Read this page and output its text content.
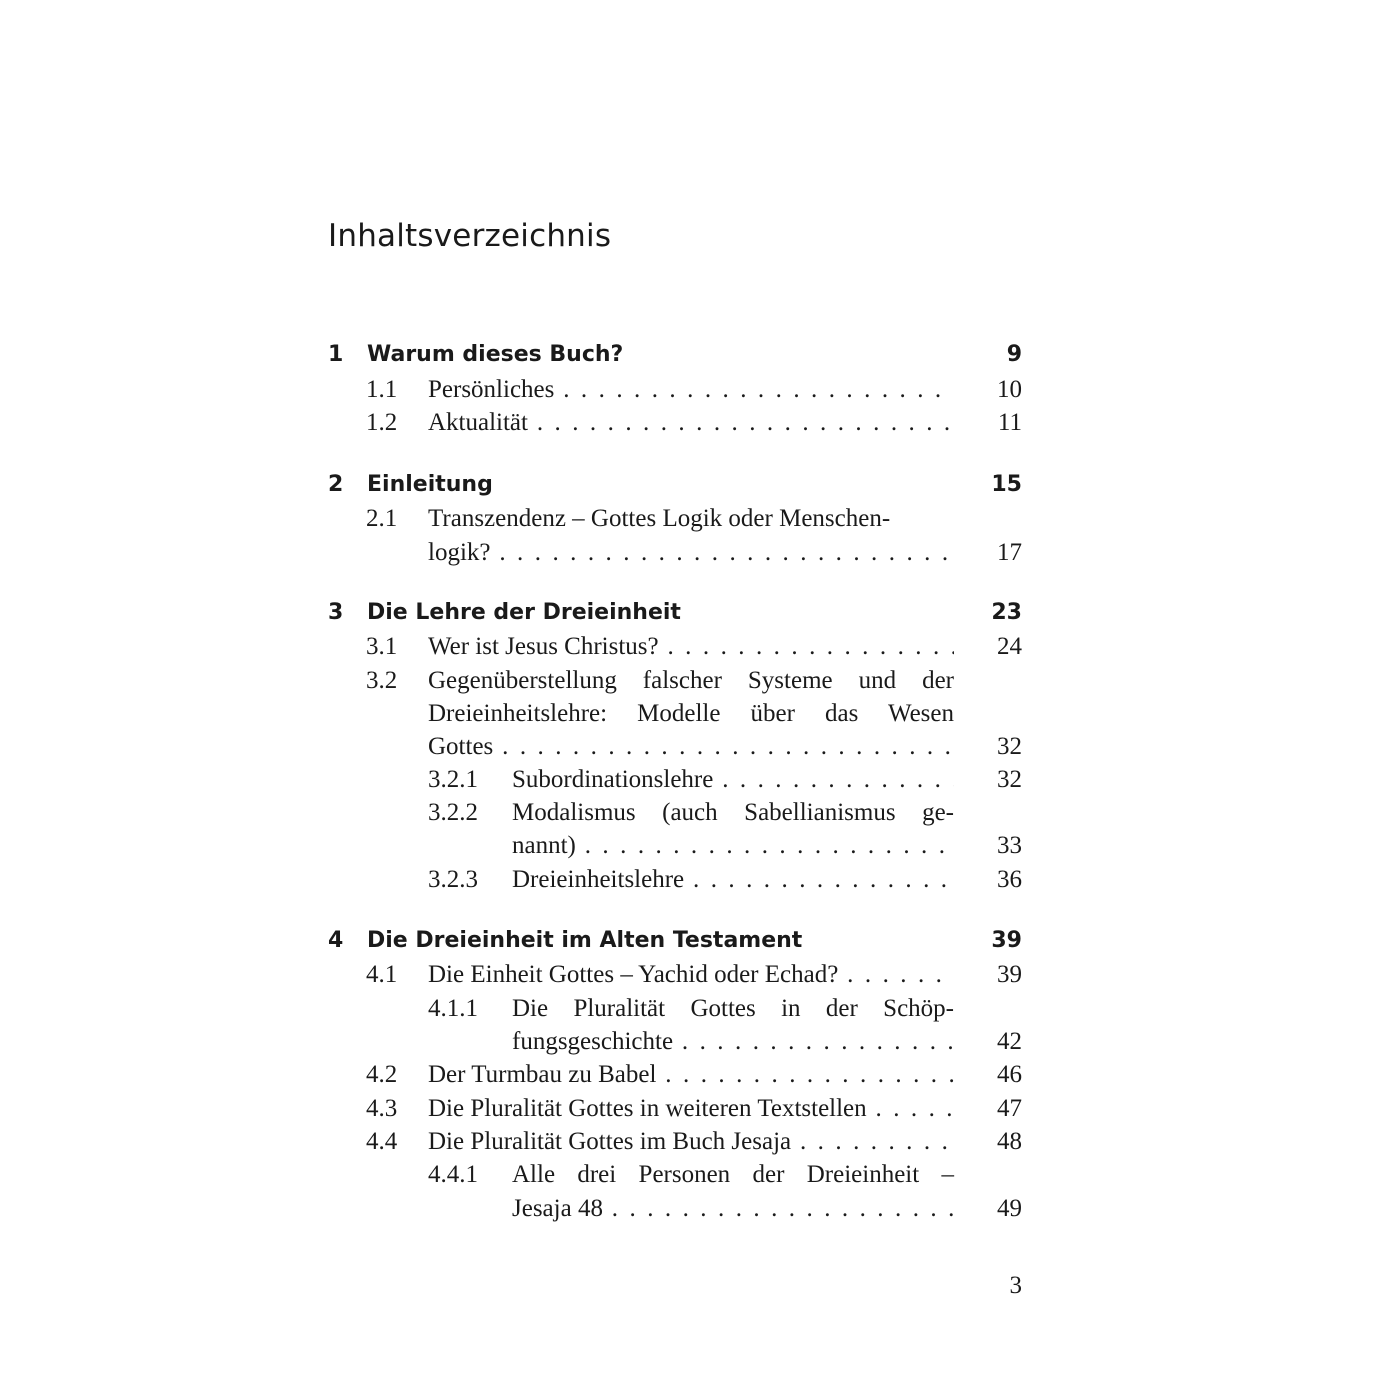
Inhaltsverzeichnis
1 Warum dieses Buch?	9
1.1 Persönliches . . .	10
1.2 Aktualität . . .	11
2 Einleitung	15
2.1 Transzendenz – Gottes Logik oder Menschen-
logik? . . .	17
3 Die Lehre der Dreieinheit	23
3.1 Wer ist Jesus Christus? . . .	24
3.2 Gegenüberstellung falscher Systeme und der
Dreieinheitslehre: Modelle über das Wesen
Gottes . . .	32
3.2.1 Subordinationslehre . . .	32
3.2.2 Modalismus (auch Sabellianismus ge-
nannt) . . .	33
3.2.3 Dreieinheitslehre . . .	36
4 Die Dreieinheit im Alten Testament	39
4.1 Die Einheit Gottes – Yachid oder Echad? . . .	39
4.1.1 Die Pluralität Gottes in der Schöp-
fungsgeschichte . . .	42
4.2 Der Turmbau zu Babel . . .	46
4.3 Die Pluralität Gottes in weiteren Textstellen . . .	47
4.4 Die Pluralität Gottes im Buch Jesaja . . .	48
4.4.1 Alle drei Personen der Dreieinheit –
Jesaja 48 . . .	49
3
